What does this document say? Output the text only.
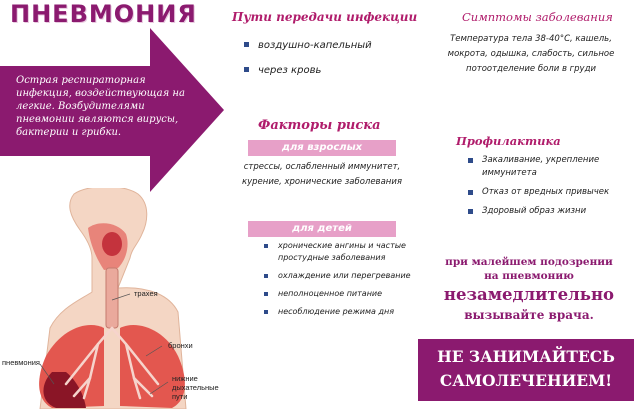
ПНЕВМОНИЯ
Острая респираторная инфекция, воздействующая на легкие. Возбудителями пневмонии являются вирусы, бактерии и грибки.
трахея
бронхи
пневмония
нижние дыхательные пути
Пути передачи инфекции
воздушно-капельный
через кровь
Факторы риска
для взрослых
стрессы, ослабленный иммунитет, курение, хронические заболевания
для детей
хронические ангины и частые простудные заболевания
охлаждение или перегревание
неполноценное питание
несоблюдение режима дня
Симптомы заболевания
Температура тела 38-40°С, кашель, мокрота, одышка, слабость, сильное потоотделение боли в груди
Профилактика
Закаливание, укрепление иммунитета
Отказ от вредных привычек
Здоровый образ жизни
при малейшем подозрении
на пневмонию
незамедлительно
вызывайте врача.
НЕ ЗАНИМАЙТЕСЬ
САМОЛЕЧЕНИЕМ!
